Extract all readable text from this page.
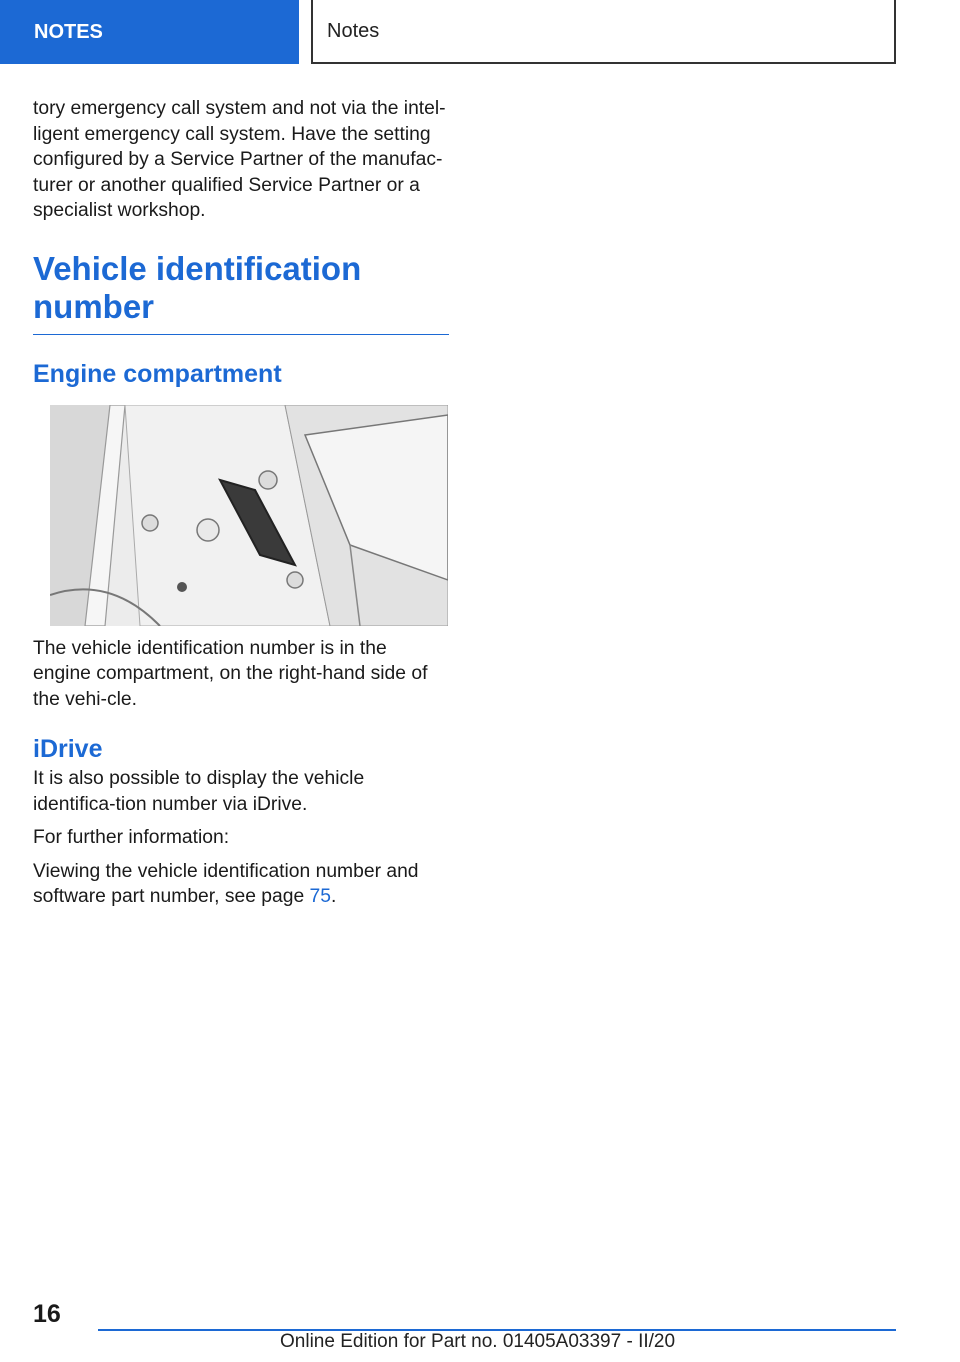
NOTES	Notes

tory emergency call system and not via the intel-ligent emergency call system. Have the setting configured by a Service Partner of the manufac-turer or another qualified Service Partner or a specialist workshop.

Vehicle identification number
Engine compartment

The vehicle identification number is in the engine compartment, on the right-hand side of the vehi-cle.

iDrive

It is also possible to display the vehicle identifica-tion number via iDrive.

For further information:

Viewing the vehicle identification number and software part number, see page 75.

16
Online Edition for Part no. 01405A03397 - II/20
